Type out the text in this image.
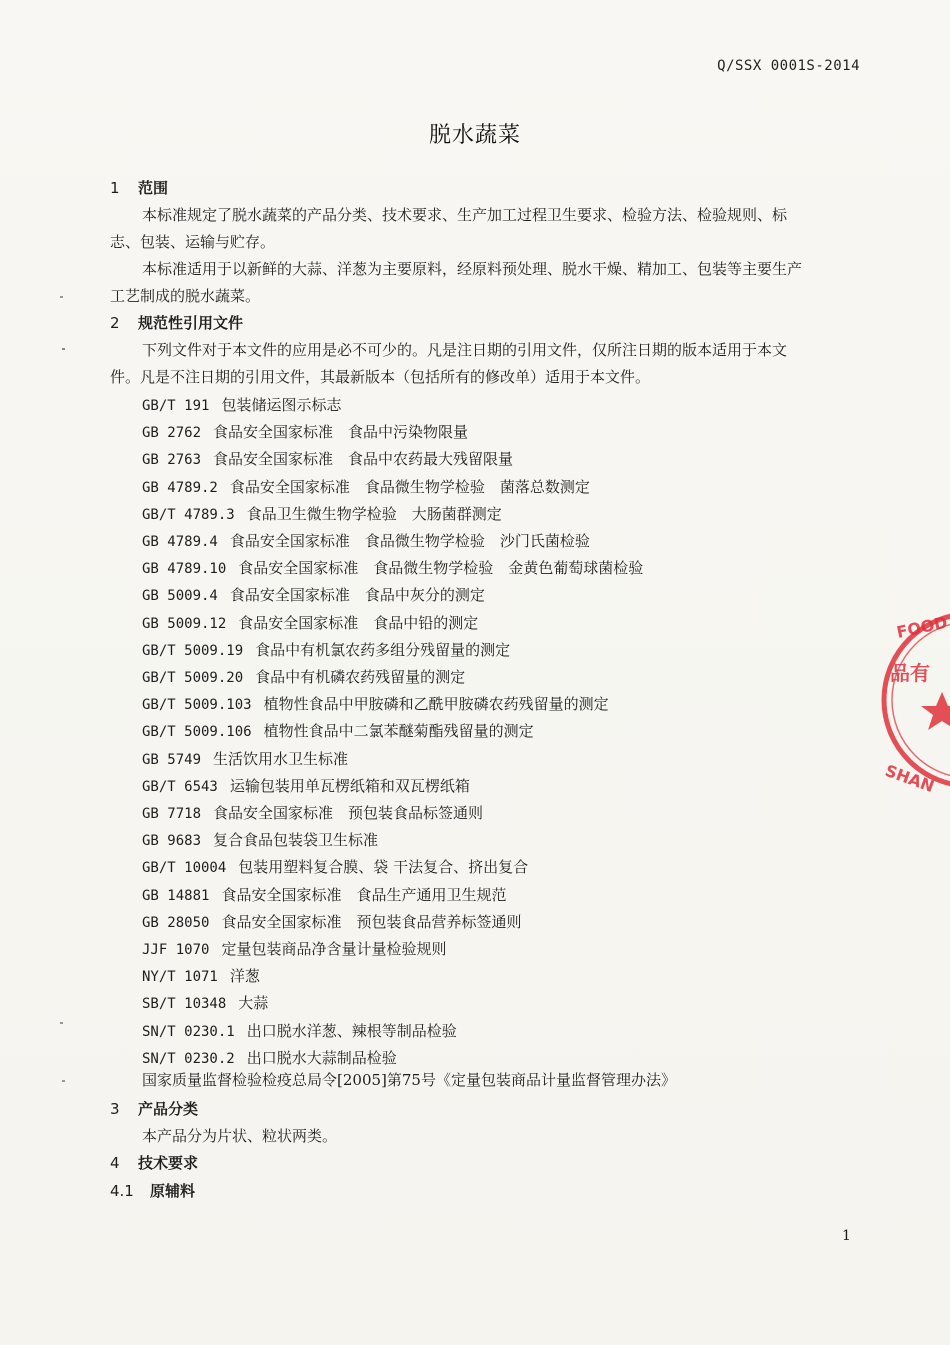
Q/SSX 0001S-2014
脱水蔬菜
1 范围
本标准规定了脱水蔬菜的产品分类、技术要求、生产加工过程卫生要求、检验方法、检验规则、标
志、包装、运输与贮存。
本标准适用于以新鲜的大蒜、洋葱为主要原料，经原料预处理、脱水干燥、精加工、包装等主要生产
工艺制成的脱水蔬菜。
2 规范性引用文件
下列文件对于本文件的应用是必不可少的。凡是注日期的引用文件，仅所注日期的版本适用于本文
件。凡是不注日期的引用文件，其最新版本（包括所有的修改单）适用于本文件。
GB/T 191 包装储运图示标志
GB 2762 食品安全国家标准　食品中污染物限量
GB 2763 食品安全国家标准　食品中农药最大残留限量
GB 4789.2 食品安全国家标准　食品微生物学检验　菌落总数测定
GB/T 4789.3 食品卫生微生物学检验　大肠菌群测定
GB 4789.4 食品安全国家标准　食品微生物学检验　沙门氏菌检验
GB 4789.10 食品安全国家标准　食品微生物学检验　金黄色葡萄球菌检验
GB 5009.4 食品安全国家标准　食品中灰分的测定
GB 5009.12 食品安全国家标准　食品中铅的测定
GB/T 5009.19 食品中有机氯农药多组分残留量的测定
GB/T 5009.20 食品中有机磷农药残留量的测定
GB/T 5009.103 植物性食品中甲胺磷和乙酰甲胺磷农药残留量的测定
GB/T 5009.106 植物性食品中二氯苯醚菊酯残留量的测定
GB 5749 生活饮用水卫生标准
GB/T 6543 运输包装用单瓦楞纸箱和双瓦楞纸箱
GB 7718 食品安全国家标准　预包装食品标签通则
GB 9683 复合食品包装袋卫生标准
GB/T 10004 包装用塑料复合膜、袋 干法复合、挤出复合
GB 14881 食品安全国家标准　食品生产通用卫生规范
GB 28050 食品安全国家标准　预包装食品营养标签通则
JJF 1070 定量包装商品净含量计量检验规则
NY/T 1071 洋葱
SB/T 10348 大蒜
SN/T 0230.1 出口脱水洋葱、辣根等制品检验
SN/T 0230.2 出口脱水大蒜制品检验
国家质量监督检验检疫总局令[2005]第75号《定量包装商品计量监督管理办法》
3 产品分类
本产品分为片状、粒状两类。
4 技术要求
4.1 原辅料
1
FOOD
品有
SHAN
